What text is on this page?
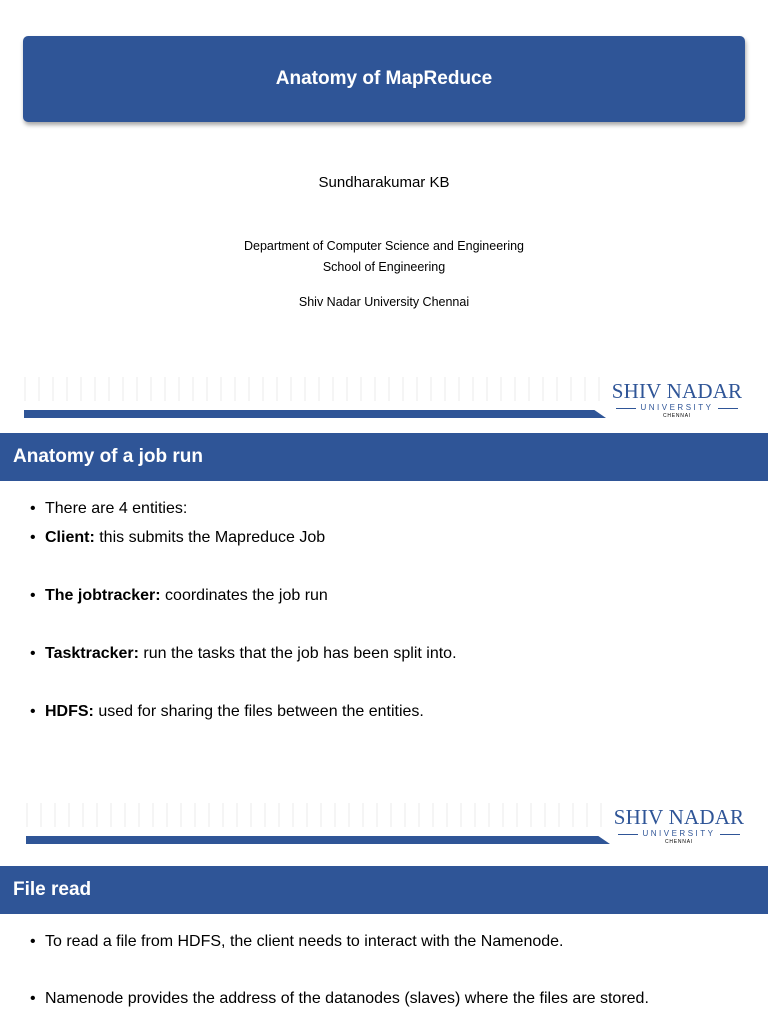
Anatomy of MapReduce
Sundharakumar KB
Department of Computer Science and Engineering
School of Engineering
Shiv Nadar University Chennai
SHIV NADAR
UNIVERSITY
CHENNAI
Anatomy of a job run
• There are 4 entities:
• Client: this submits the Mapreduce Job
• The jobtracker: coordinates the job run
• Tasktracker: run the tasks that the job has been split into.
• HDFS: used for sharing the files between the entities.
SHIV NADAR
UNIVERSITY
CHENNAI
File read
• To read a file from HDFS, the client needs to interact with the Namenode.
• Namenode provides the address of the datanodes (slaves) where the files are stored.
